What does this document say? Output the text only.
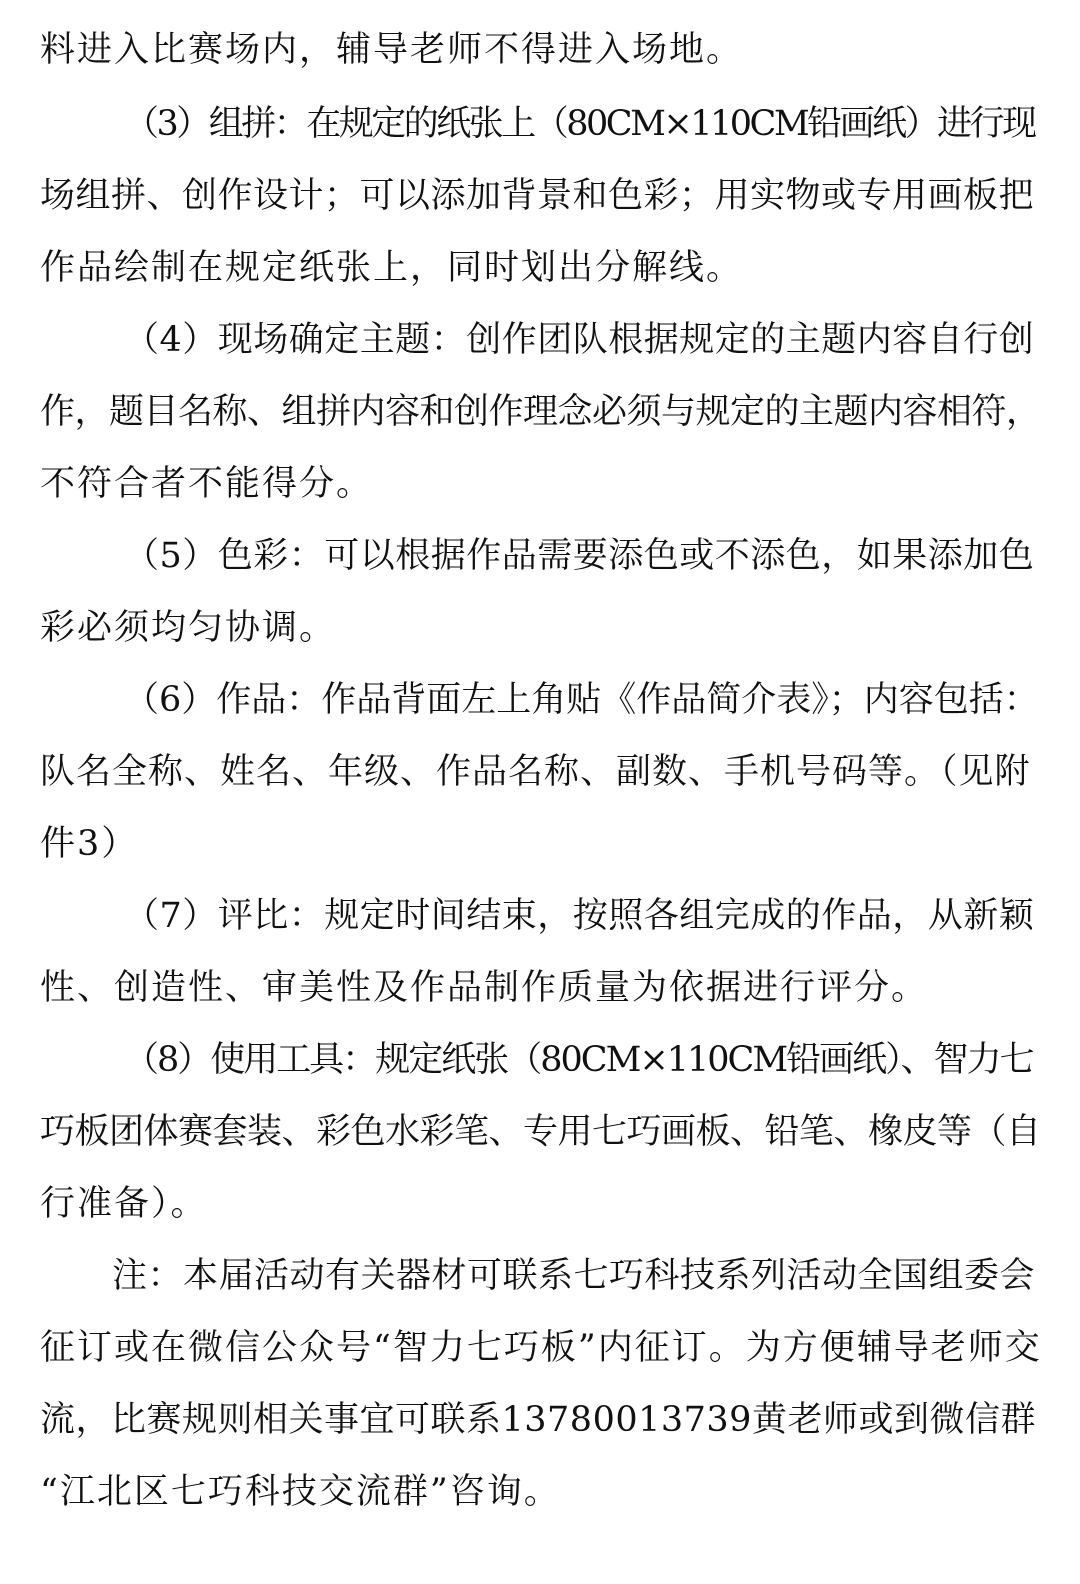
料进入比赛场内，辅导老师不得进入场地。
（3）组拼：在规定的纸张上（80CM×110CM铅画纸）进行现
场组拼、创作设计；可以添加背景和色彩；用实物或专用画板把
作品绘制在规定纸张上，同时划出分解线。
（4）现场确定主题：创作团队根据规定的主题内容自行创
作，题目名称、组拼内容和创作理念必须与规定的主题内容相符，
不符合者不能得分。
（5）色彩：可以根据作品需要添色或不添色，如果添加色
彩必须均匀协调。
（6）作品：作品背面左上角贴《作品简介表》；内容包括：
队名全称、姓名、年级、作品名称、副数、手机号码等。（见附
件3）
（7）评比：规定时间结束，按照各组完成的作品，从新颖
性、创造性、审美性及作品制作质量为依据进行评分。
（8）使用工具：规定纸张（80CM×110CM铅画纸）、智力七
巧板团体赛套装、彩色水彩笔、专用七巧画板、铅笔、橡皮等（自
行准备）。
注：本届活动有关器材可联系七巧科技系列活动全国组委会
征订或在微信公众号“智力七巧板”内征订。为方便辅导老师交
流，比赛规则相关事宜可联系13780013739黄老师或到微信群
“江北区七巧科技交流群”咨询。
